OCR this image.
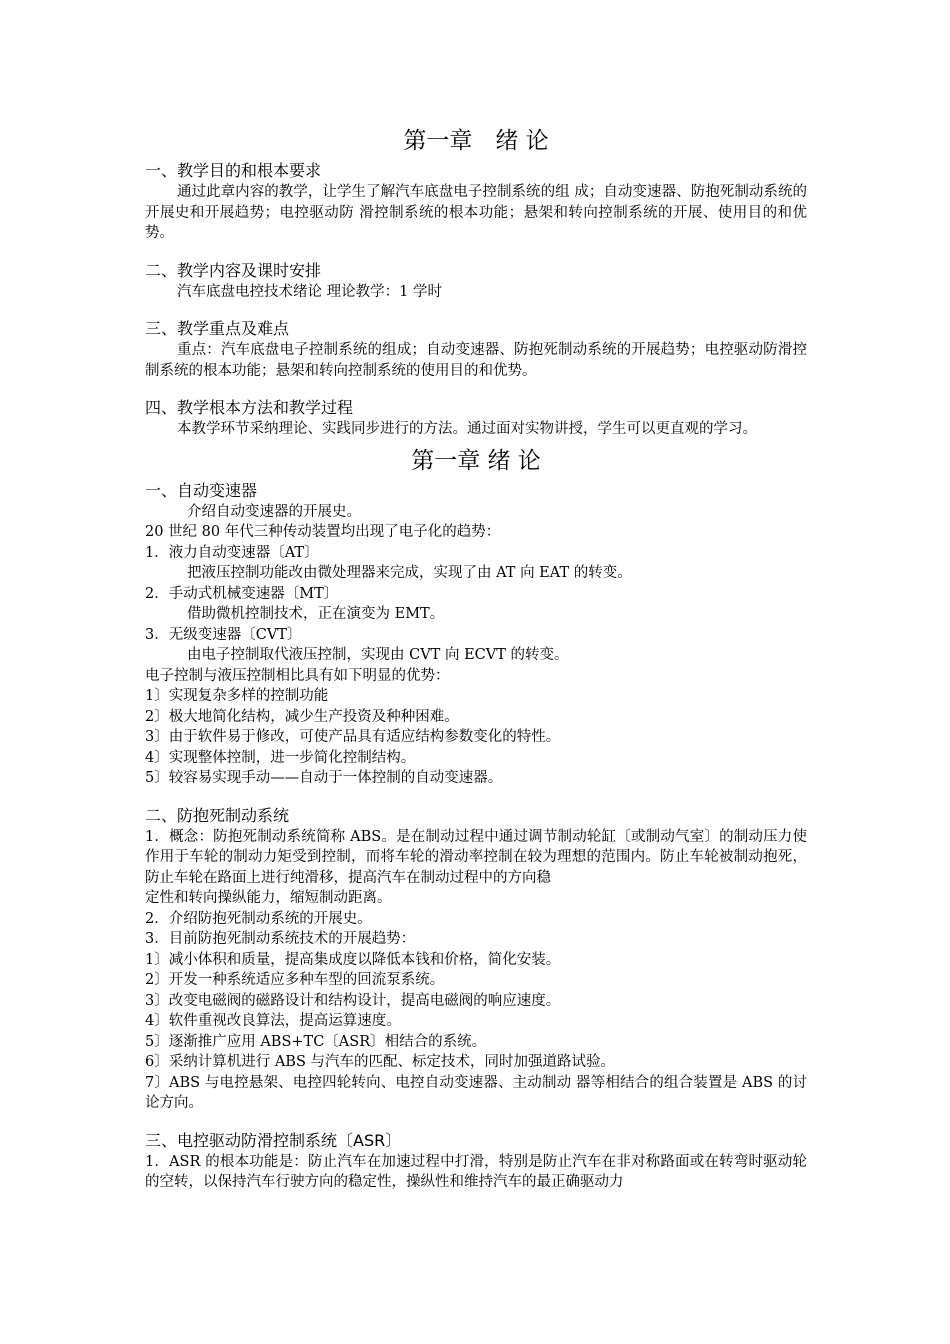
第一章　绪 论
一、教学目的和根本要求

通过此章内容的教学，让学生了解汽车底盘电子控制系统的组 成；自动变速器、防抱死制动系统的开展史和开展趋势；电控驱动防 滑控制系统的根本功能；悬架和转向控制系统的开展、使用目的和优势。

二、教学内容及课时安排

汽车底盘电控技术绪论 理论教学：1 学时

三、教学重点及难点

重点：汽车底盘电子控制系统的组成；自动变速器、防抱死制动系统的开展趋势；电控驱动防滑控制系统的根本功能；悬架和转向控制系统的使用目的和优势。

四、教学根本方法和教学过程

本教学环节采纳理论、实践同步进行的方法。通过面对实物讲授，学生可以更直观的学习。

第一章 绪 论
一、自动变速器

介绍自动变速器的开展史。

20 世纪 80 年代三种传动装置均出现了电子化的趋势：

1．液力自动变速器〔AT〕

把液压控制功能改由微处理器来完成，实现了由 AT 向 EAT 的转变。

2．手动式机械变速器〔MT〕

借助微机控制技术，正在演变为 EMT。

3．无级变速器〔CVT〕

由电子控制取代液压控制，实现由 CVT 向 ECVT 的转变。

电子控制与液压控制相比具有如下明显的优势：

1〕实现复杂多样的控制功能

2〕极大地简化结构，减少生产投资及种种困难。

3〕由于软件易于修改，可使产品具有适应结构参数变化的特性。

4〕实现整体控制，进一步简化控制结构。

5〕较容易实现手动——自动于一体控制的自动变速器。

二、防抱死制动系统

1．概念：防抱死制动系统简称 ABS。是在制动过程中通过调节制动轮缸〔或制动气室〕的制动压力使作用于车轮的制动力矩受到控制，而将车轮的滑动率控制在较为理想的范围内。防止车轮被制动抱死，防止车轮在路面上进行纯滑移，提高汽车在制动过程中的方向稳

定性和转向操纵能力，缩短制动距离。

2．介绍防抱死制动系统的开展史。

3．目前防抱死制动系统技术的开展趋势：

1〕减小体积和质量，提高集成度以降低本钱和价格，简化安装。

2〕开发一种系统适应多种车型的回流泵系统。

3〕改变电磁阀的磁路设计和结构设计，提高电磁阀的响应速度。

4〕软件重视改良算法，提高运算速度。

5〕逐渐推广应用 ABS+TC〔ASR〕相结合的系统。

6〕采纳计算机进行 ABS 与汽车的匹配、标定技术，同时加强道路试验。

7〕ABS 与电控悬架、电控四轮转向、电控自动变速器、主动制动 器等相结合的组合装置是 ABS 的讨论方向。

三、电控驱动防滑控制系统〔ASR〕

1．ASR 的根本功能是：防止汽车在加速过程中打滑，特别是防止汽车在非对称路面或在转弯时驱动轮的空转，以保持汽车行驶方向的稳定性，操纵性和维持汽车的最正确驱动力
